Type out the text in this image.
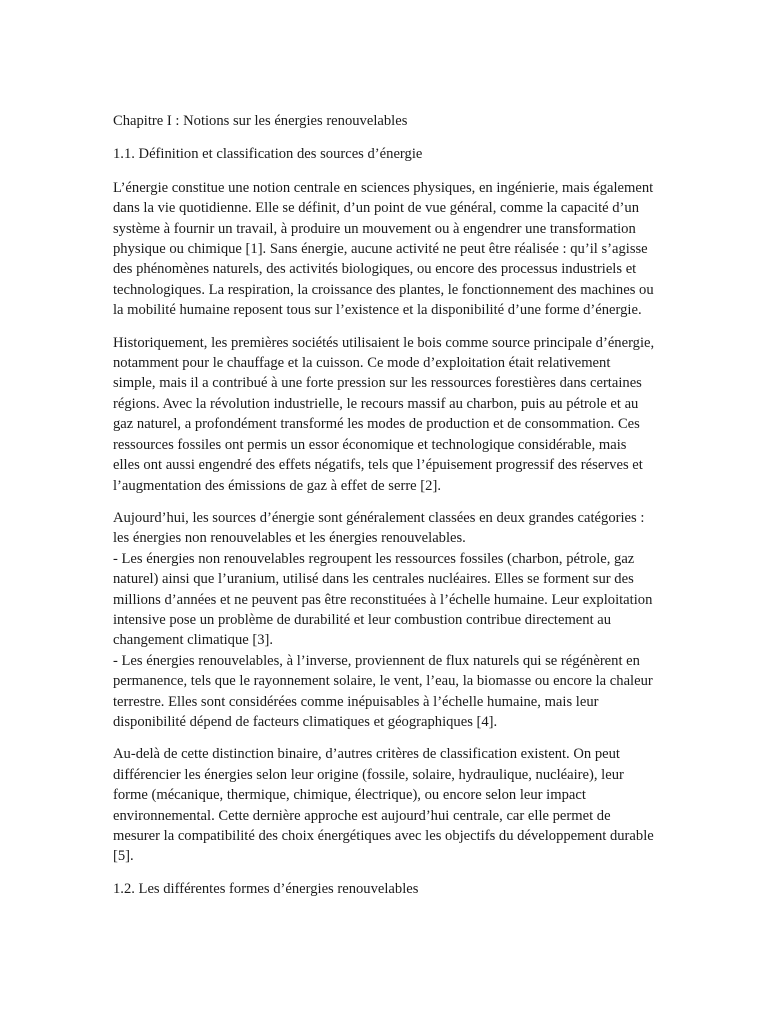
Chapitre I : Notions sur les énergies renouvelables

1.1. Définition et classification des sources d’énergie

L’énergie constitue une notion centrale en sciences physiques, en ingénierie, mais également dans la vie quotidienne. Elle se définit, d’un point de vue général, comme la capacité d’un système à fournir un travail, à produire un mouvement ou à engendrer une transformation physique ou chimique [1]. Sans énergie, aucune activité ne peut être réalisée : qu’il s’agisse des phénomènes naturels, des activités biologiques, ou encore des processus industriels et technologiques. La respiration, la croissance des plantes, le fonctionnement des machines ou la mobilité humaine reposent tous sur l’existence et la disponibilité d’une forme d’énergie.

Historiquement, les premières sociétés utilisaient le bois comme source principale d’énergie, notamment pour le chauffage et la cuisson. Ce mode d’exploitation était relativement simple, mais il a contribué à une forte pression sur les ressources forestières dans certaines régions. Avec la révolution industrielle, le recours massif au charbon, puis au pétrole et au gaz naturel, a profondément transformé les modes de production et de consommation. Ces ressources fossiles ont permis un essor économique et technologique considérable, mais elles ont aussi engendré des effets négatifs, tels que l’épuisement progressif des réserves et l’augmentation des émissions de gaz à effet de serre [2].

Aujourd’hui, les sources d’énergie sont généralement classées en deux grandes catégories : les énergies non renouvelables et les énergies renouvelables.
- Les énergies non renouvelables regroupent les ressources fossiles (charbon, pétrole, gaz naturel) ainsi que l’uranium, utilisé dans les centrales nucléaires. Elles se forment sur des millions d’années et ne peuvent pas être reconstituées à l’échelle humaine. Leur exploitation intensive pose un problème de durabilité et leur combustion contribue directement au changement climatique [3].
- Les énergies renouvelables, à l’inverse, proviennent de flux naturels qui se régénèrent en permanence, tels que le rayonnement solaire, le vent, l’eau, la biomasse ou encore la chaleur terrestre. Elles sont considérées comme inépuisables à l’échelle humaine, mais leur disponibilité dépend de facteurs climatiques et géographiques [4].

Au-delà de cette distinction binaire, d’autres critères de classification existent. On peut différencier les énergies selon leur origine (fossile, solaire, hydraulique, nucléaire), leur forme (mécanique, thermique, chimique, électrique), ou encore selon leur impact environnemental. Cette dernière approche est aujourd’hui centrale, car elle permet de mesurer la compatibilité des choix énergétiques avec les objectifs du développement durable [5].

1.2. Les différentes formes d’énergies renouvelables
